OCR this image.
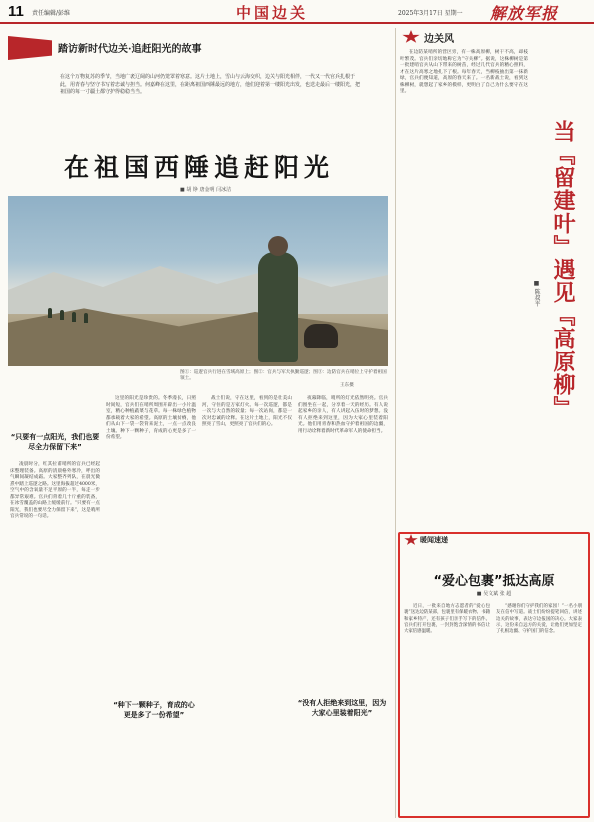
11 责任编辑/彭维	中国边关	2025年3月17日 星期一 解放军报
踏访新时代边关·追赶阳光的故事
在这个万物复苏的季节，当地广袤辽阔的山河仍笼罩着寒意。这片土地上，雪山与云海交织，边关与阳光相伴，一代又一代官兵扎根于此，用青春与坚守书写着忠诚与担当。何嘉峰在这里，在距离祖国西陲最远的地方，他们迎着第一缕阳光出发，也送走最后一缕阳光，把祖国的每一寸疆土都守护得稳稳当当。
在祖国西陲追赶阳光
■ 胡 铮 唐金明 闫冰洁
图①：巡逻官兵行进在雪域高原上；图②：官兵与军犬执勤巡逻；图③：边防官兵在哨位上守护着祖国领土。
王东摄
“只要有一点阳光，我们也要尽全力保留下来”

凌晨时分，红其拉甫哨所的官兵已经起床整理装备。高原的清晨格外寒冷，呼出的气瞬间凝结成霜。大家整齐列队，在晨光微熹中踏上巡逻之路。这里海拔超过4000米，空气中的含氧量不足平原的一半，每走一步都异常艰难。官兵们背着几十斤重的装备，在冰雪覆盖的山路上缓缓前行。“只要有一点阳光，我们也要尽全力保留下来”，这是哨所官兵常说的一句话。

这里的阳光是珍贵的。冬季漫长，日照时间短，官兵们在哨所周围开辟出一小片温室，精心种植蔬菜与花草。每一株绿色植物都承载着大家的希望。高原的土壤贫瘠，他们从山下一袋一袋背来泥土，一点一点改良土壤。种下一颗种子，育成的心更是多了一份希望。

“种下一颗种子，育成的心更是多了一份希望”

战士们说，守在这里，看到的是壮美山河，守住的是万家灯火。每一次巡逻，都是一次与大自然的较量；每一次站岗，都是一次对忠诚的诠释。在这片土地上，阳光不仅照亮了雪山，更照亮了官兵们的心。

“没有人拒绝来到这里，因为大家心里装着阳光”

夜幕降临，哨所的灯光依然明亮。官兵们围坐在一起，分享着一天的经历。有人说起家乡的亲人，有人讲起入伍时的梦想。没有人拒绝来到这里，因为大家心里装着阳光。他们用青春和热血守护着祖国的边疆，用行动诠释着新时代革命军人的使命担当。

边关风

在边防某哨所的营区旁，有一株高原柳，树干不高，却枝叶繁茂。官兵们亲切地称它为“守关柳”。据说，这株柳树是第一批建哨官兵从山下带来的树苗，经过几代官兵的精心照料，才在这片高寒之地扎下了根。每年春天，当柳枝抽出第一抹新绿，官兵们便知道，高原的春天来了。一名新战士说，看到这株柳树，就想起了家乡的模样，更明白了自己为什么要守在这里。

当『留建叶』遇见『高原柳』
■ 陈叔平
暖闻速递
“爱心包裹”抵达高原
■ 吴文斌 张 超

近日，一批来自地方志愿者的“爱心包裹”送达边防某部，包裹里有保暖衣物、书籍和家乡特产，还有孩子们亲手写下的信件。官兵们打开包裹，一封封饱含深情的书信让大家倍感温暖。

“感谢你们守护我们的家园！”一名小朋友在信中写道。战士们纷纷提笔回信，讲述边关的故事，表达守边报国的决心。大家表示，这份来自远方的关爱，让他们更加坚定了扎根边疆、守护国门的信念。
